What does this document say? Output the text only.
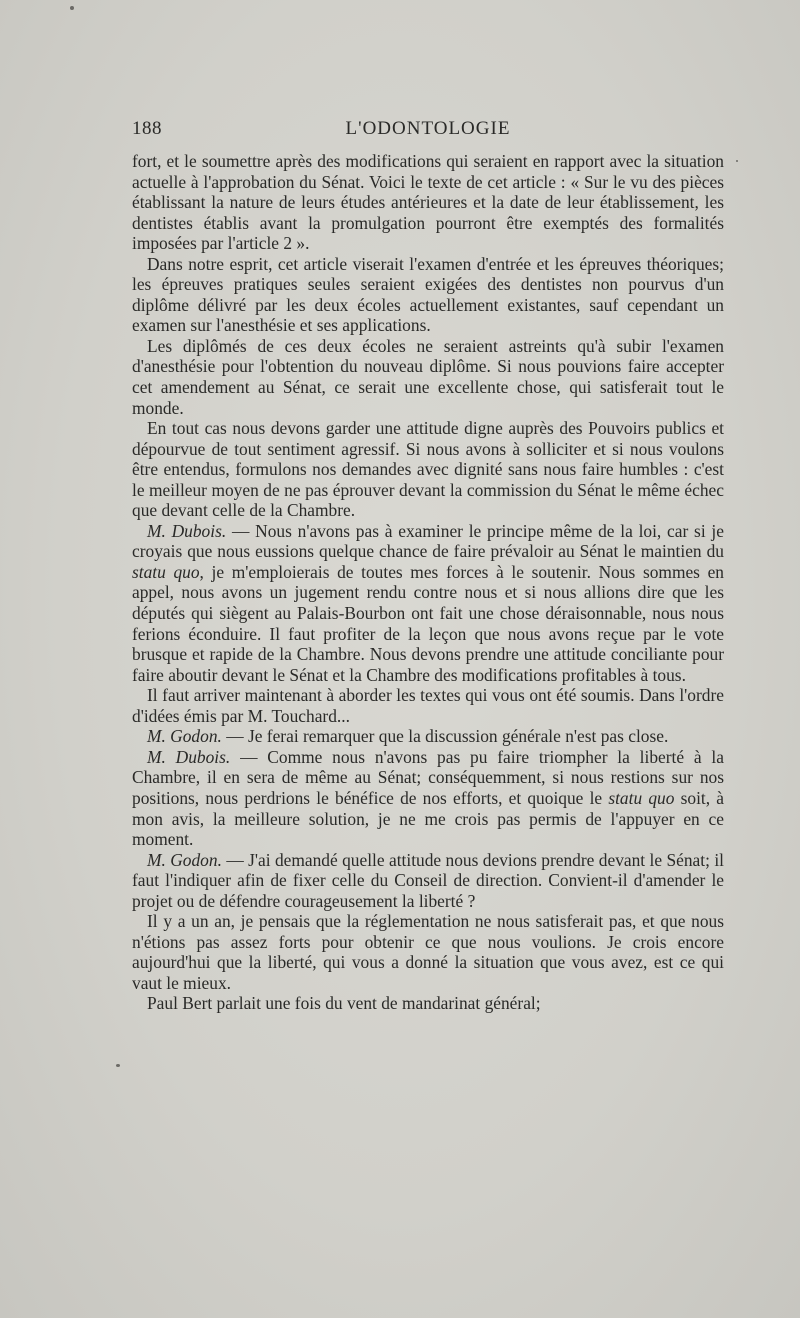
188	L'ODONTOLOGIE

fort, et le soumettre après des modifications qui seraient en rapport avec la situation actuelle à l'approbation du Sénat. Voici le texte de cet article : « Sur le vu des pièces établissant la nature de leurs études antérieures et la date de leur établissement, les dentistes établis avant la promulgation pourront être exemptés des formalités imposées par l'article 2 ».

Dans notre esprit, cet article viserait l'examen d'entrée et les épreuves théoriques; les épreuves pratiques seules seraient exigées des dentistes non pourvus d'un diplôme délivré par les deux écoles actuellement existantes, sauf cependant un examen sur l'anesthésie et ses applications.

Les diplômés de ces deux écoles ne seraient astreints qu'à subir l'examen d'anesthésie pour l'obtention du nouveau diplôme. Si nous pouvions faire accepter cet amendement au Sénat, ce serait une excellente chose, qui satisferait tout le monde.

En tout cas nous devons garder une attitude digne auprès des Pouvoirs publics et dépourvue de tout sentiment agressif. Si nous avons à solliciter et si nous voulons être entendus, formulons nos demandes avec dignité sans nous faire humbles : c'est le meilleur moyen de ne pas éprouver devant la commission du Sénat le même échec que devant celle de la Chambre.

M. Dubois. — Nous n'avons pas à examiner le principe même de la loi, car si je croyais que nous eussions quelque chance de faire prévaloir au Sénat le maintien du statu quo, je m'emploierais de toutes mes forces à le soutenir. Nous sommes en appel, nous avons un jugement rendu contre nous et si nous allions dire que les députés qui siègent au Palais-Bourbon ont fait une chose déraisonnable, nous nous ferions éconduire. Il faut profiter de la leçon que nous avons reçue par le vote brusque et rapide de la Chambre. Nous devons prendre une attitude conciliante pour faire aboutir devant le Sénat et la Chambre des modifications profitables à tous.

Il faut arriver maintenant à aborder les textes qui vous ont été soumis. Dans l'ordre d'idées émis par M. Touchard...

M. Godon. — Je ferai remarquer que la discussion générale n'est pas close.

M. Dubois. — Comme nous n'avons pas pu faire triompher la liberté à la Chambre, il en sera de même au Sénat; conséquemment, si nous restions sur nos positions, nous perdrions le bénéfice de nos efforts, et quoique le statu quo soit, à mon avis, la meilleure solution, je ne me crois pas permis de l'appuyer en ce moment.

M. Godon. — J'ai demandé quelle attitude nous devions prendre devant le Sénat; il faut l'indiquer afin de fixer celle du Conseil de direction. Convient-il d'amender le projet ou de défendre courageusement la liberté ?

Il y a un an, je pensais que la réglementation ne nous satisferait pas, et que nous n'étions pas assez forts pour obtenir ce que nous voulions. Je crois encore aujourd'hui que la liberté, qui vous a donné la situation que vous avez, est ce qui vaut le mieux.

Paul Bert parlait une fois du vent de mandarinat général;
